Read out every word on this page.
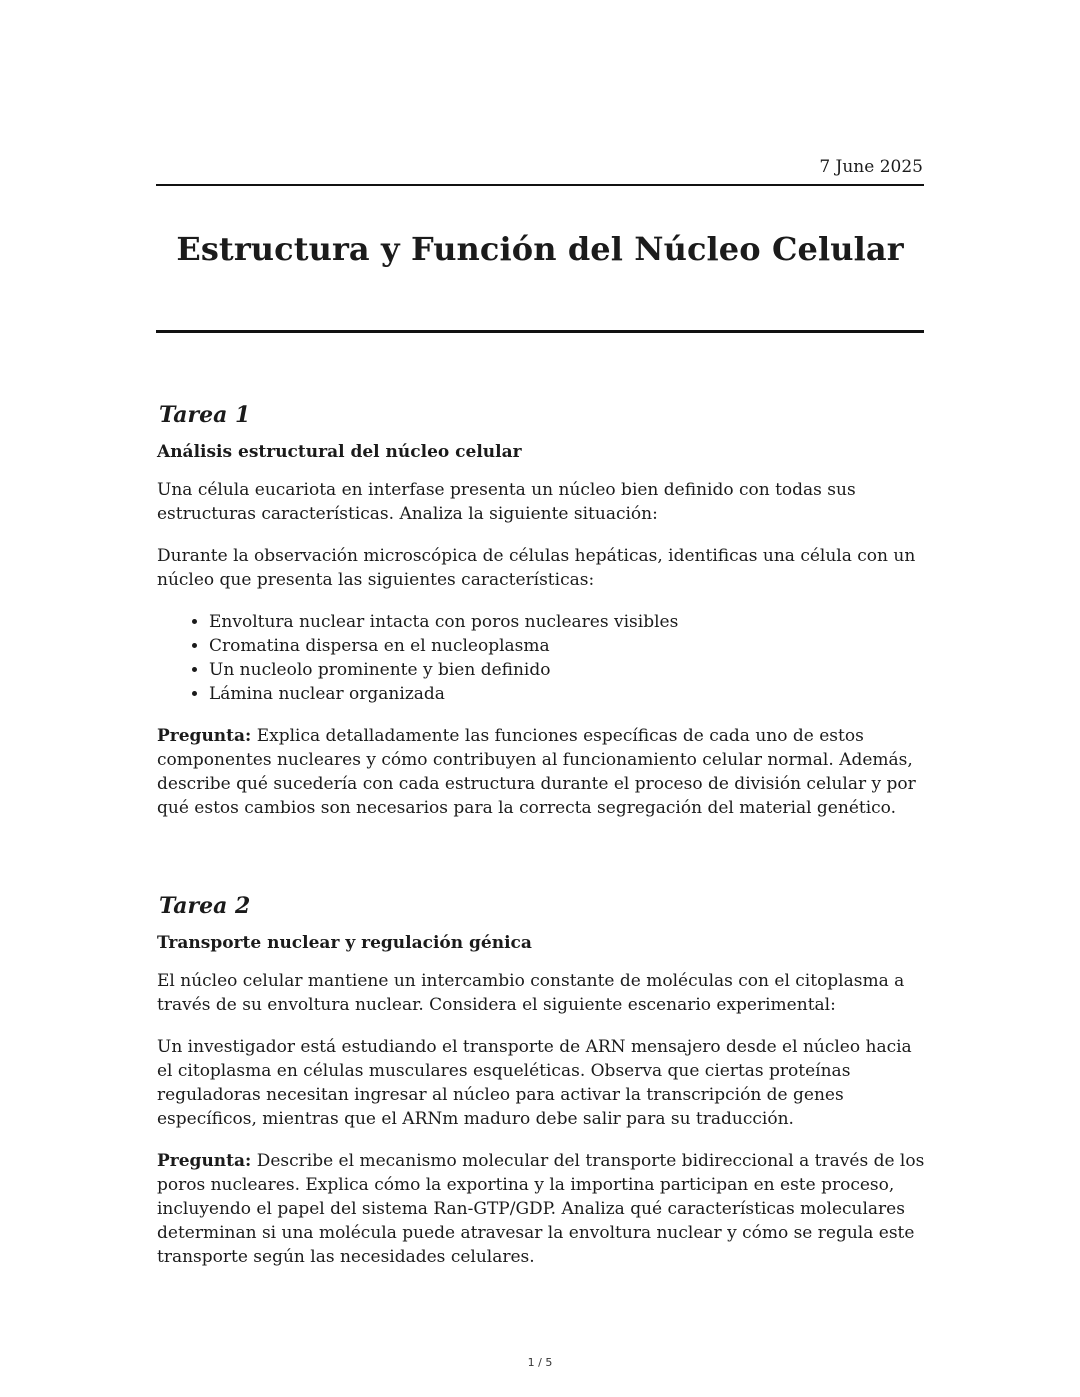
7 June 2025
Estructura y Función del Núcleo Celular
Tarea 1
Análisis estructural del núcleo celular

Una célula eucariota en interfase presenta un núcleo bien definido con todas sus estructuras características. Analiza la siguiente situación:

Durante la observación microscópica de células hepáticas, identificas una célula con un núcleo que presenta las siguientes características:

• Envoltura nuclear intacta con poros nucleares visibles
• Cromatina dispersa en el nucleoplasma
• Un nucleolo prominente y bien definido
• Lámina nuclear organizada

Pregunta: Explica detalladamente las funciones específicas de cada uno de estos componentes nucleares y cómo contribuyen al funcionamiento celular normal. Además, describe qué sucedería con cada estructura durante el proceso de división celular y por qué estos cambios son necesarios para la correcta segregación del material genético.

Tarea 2
Transporte nuclear y regulación génica

El núcleo celular mantiene un intercambio constante de moléculas con el citoplasma a través de su envoltura nuclear. Considera el siguiente escenario experimental:

Un investigador está estudiando el transporte de ARN mensajero desde el núcleo hacia el citoplasma en células musculares esqueléticas. Observa que ciertas proteínas reguladoras necesitan ingresar al núcleo para activar la transcripción de genes específicos, mientras que el ARNm maduro debe salir para su traducción.

Pregunta: Describe el mecanismo molecular del transporte bidireccional a través de los poros nucleares. Explica cómo la exportina y la importina participan en este proceso, incluyendo el papel del sistema Ran-GTP/GDP. Analiza qué características moleculares determinan si una molécula puede atravesar la envoltura nuclear y cómo se regula este transporte según las necesidades celulares.

1 / 5
